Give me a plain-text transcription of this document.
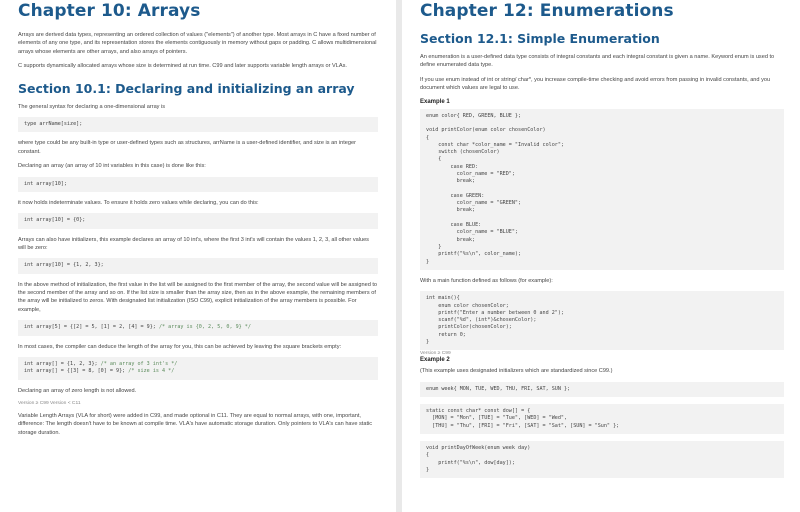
Chapter 10: Arrays

Arrays are derived data types, representing an ordered collection of values ("elements") of another type. Most arrays in C have a fixed number of elements of any one type, and its representation stores the elements contiguously in memory without gaps or padding. C allows multidimensional arrays whose elements are other arrays, and also arrays of pointers.

C supports dynamically allocated arrays whose size is determined at run time. C99 and later supports variable length arrays or VLAs.

Section 10.1: Declaring and initializing an array

The general syntax for declaring a one-dimensional array is

type arrName[size];

where type could be any built-in type or user-defined types such as structures, arrName is a user-defined identifier, and size is an integer constant.

Declaring an array (an array of 10 int variables in this case) is done like this:

int array[10];

it now holds indeterminate values. To ensure it holds zero values while declaring, you can do this:

int array[10] = {0};

Arrays can also have initializers, this example declares an array of 10 int's, where the first 3 int's will contain the values 1, 2, 3, all other values will be zero:

int array[10] = {1, 2, 3};

In the above method of initialization, the first value in the list will be assigned to the first member of the array, the second value will be assigned to the second member of the array and so on. If the list size is smaller than the array size, then as in the above example, the remaining members of the array will be initialized to zeros. With designated list initialization (ISO C99), explicit initialization of the array members is possible. For example,

int array[5] = {[2] = 5, [1] = 2, [4] = 9}; /* array is {0, 2, 5, 0, 9} */

In most cases, the compiler can deduce the length of the array for you, this can be achieved by leaving the square brackets empty:

int array[] = {1, 2, 3}; /* an array of 3 int's */
int array[] = {[3] = 8, [0] = 9}; /* size is 4 */

Declaring an array of zero length is not allowed.

Version ≥ C99 Version < C11

Variable Length Arrays (VLA for short) were added in C99, and made optional in C11. They are equal to normal arrays, with one, important, difference: The length doesn't have to be known at compile time. VLA's have automatic storage duration. Only pointers to VLA's can have static storage duration.

Chapter 12: Enumerations
Section 12.1: Simple Enumeration

An enumeration is a user-defined data type consists of integral constants and each integral constant is given a name. Keyword enum is used to define enumerated data type.

If you use enum instead of int or string/ char*, you increase compile-time checking and avoid errors from passing in invalid constants, and you document which values are legal to use.

Example 1
enum color{ RED, GREEN, BLUE };

void printColor(enum color chosenColor)
{
const char *color_name = "Invalid color";
switch (chosenColor)
{
case RED:
color_name = "RED";
break;

case GREEN:
color_name = "GREEN";
break;

case BLUE:
color_name = "BLUE";
break;
}
printf("%s\n", color_name);
}

With a main function defined as follows (for example):

int main(){
enum color chosenColor;
printf("Enter a number between 0 and 2");
scanf("%d", (int*)&chosenColor);
printColor(chosenColor);
return 0;
}
Version ≥ C99
Example 2

(This example uses designated initializers which are standardized since C99.)

enum week{ MON, TUE, WED, THU, FRI, SAT, SUN };
static const char* const dow[] = {
[MON] = "Mon", [TUE] = "Tue", [WED] = "Wed",
[THU] = "Thu", [FRI] = "Fri", [SAT] = "Sat", [SUN] = "Sun" };
void printDayOfWeek(enum week day)
{
printf("%s\n", dow[day]);
}
